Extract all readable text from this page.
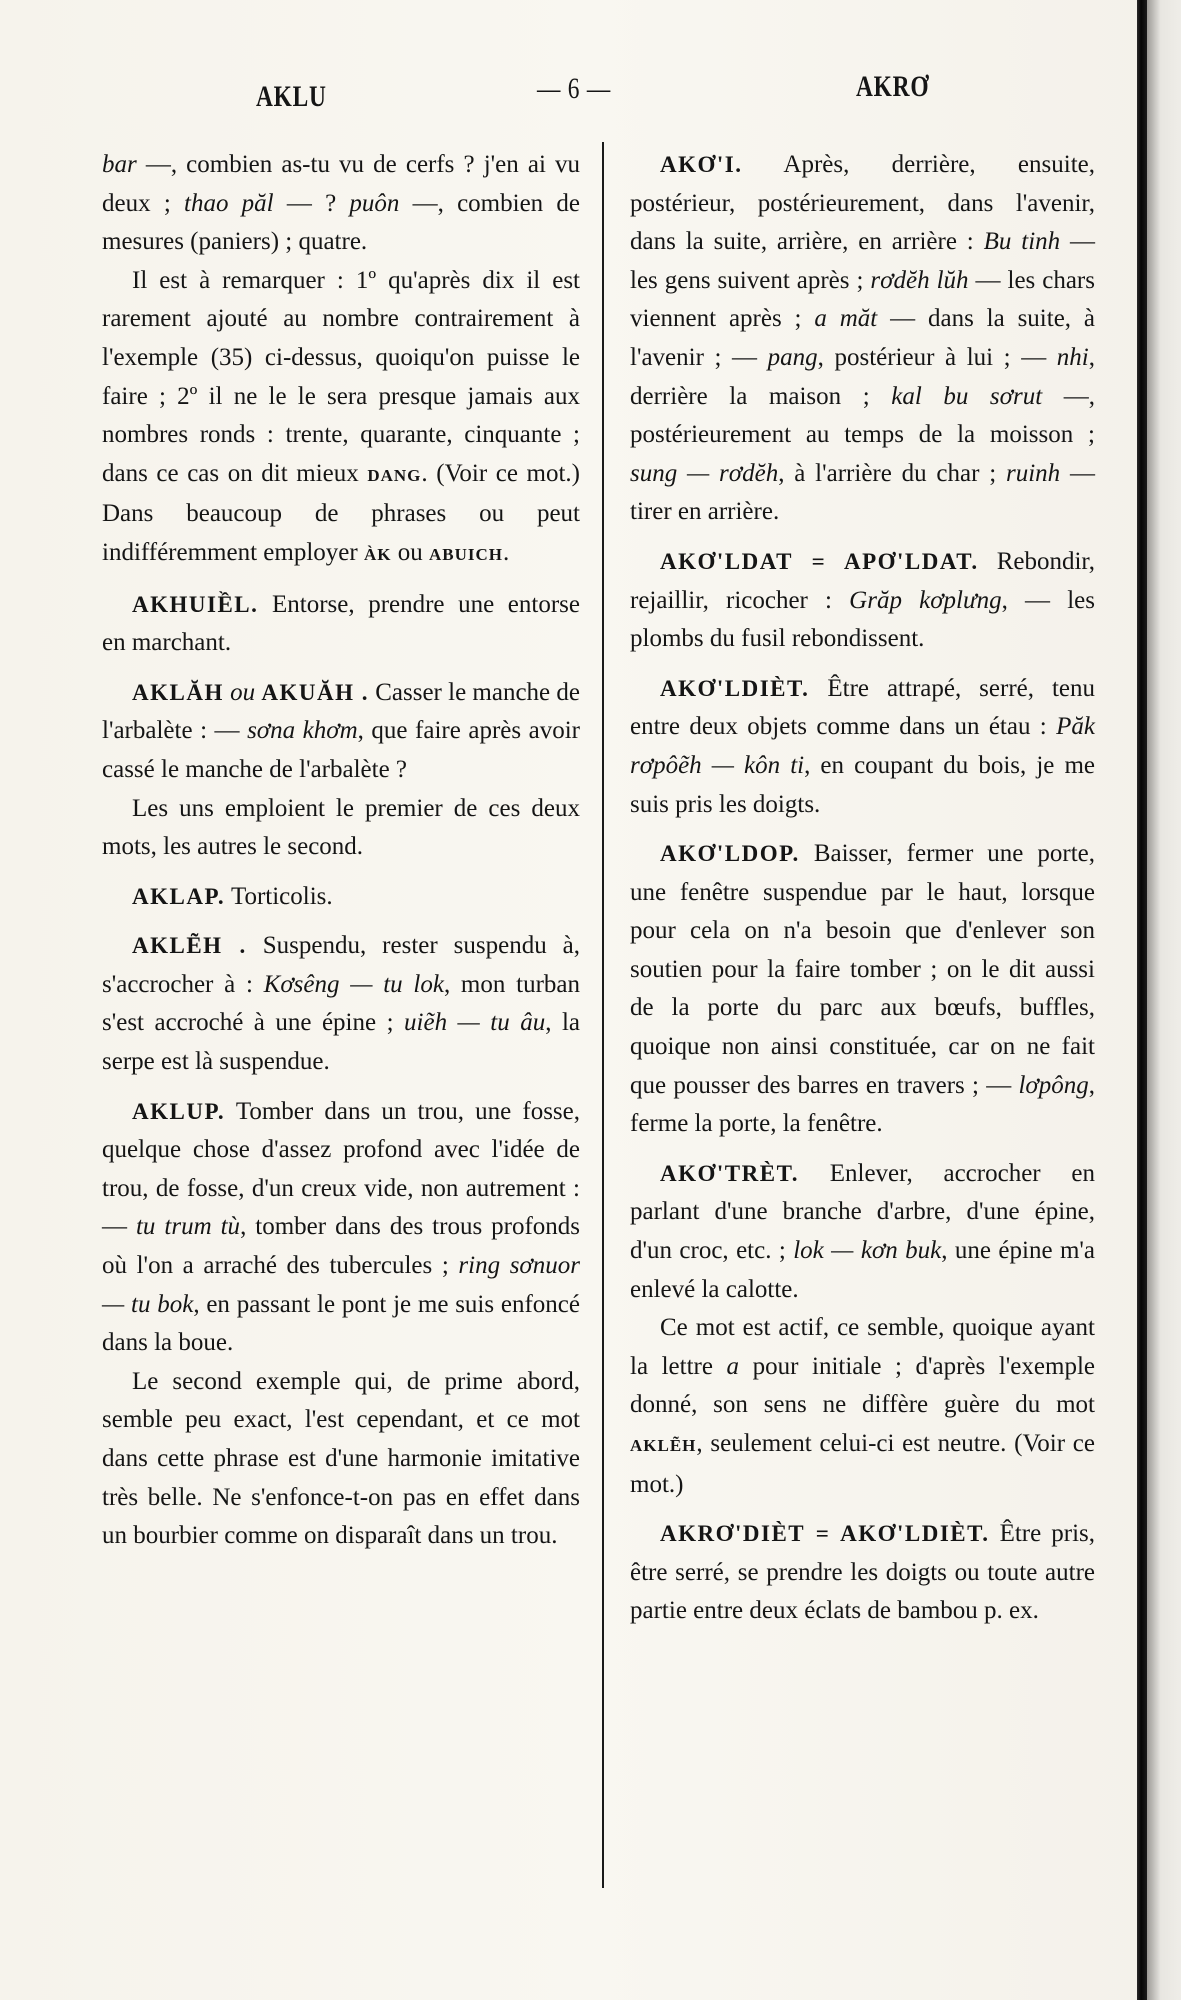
AKLU	— 6 —	AKRƠ

bar —, combien as-tu vu de cerfs ? j'en ai vu deux ; thao păl — ? puôn —, combien de mesures (paniers) ; quatre.

Il est à remarquer : 1º qu'après dix il est rarement ajouté au nombre contrairement à l'exemple (35) ci-dessus, quoiqu'on puisse le faire ; 2º il ne le le sera presque jamais aux nombres ronds : trente, quarante, cinquante ; dans ce cas on dit mieux DANG. (Voir ce mot.) Dans beaucoup de phrases ou peut indifféremment employer ÀK ou ABUICH.

AKHUIỀL. Entorse, prendre une entorse en marchant.

AKLĂH ou AKUĂH . Casser le manche de l'arbalète : — sơna khơm, que faire après avoir cassé le manche de l'arbalète ?

Les uns emploient le premier de ces deux mots, les autres le second.

AKLAP. Torticolis.

AKLẼH . Suspendu, rester suspendu à, s'accrocher à : Kơsêng — tu lok, mon turban s'est accroché à une épine ; uiẽh — tu âu, la serpe est là suspendue.

AKLUP. Tomber dans un trou, une fosse, quelque chose d'assez profond avec l'idée de trou, de fosse, d'un creux vide, non autrement : — tu trum tù, tomber dans des trous profonds où l'on a arraché des tubercules ; ring sơnuor — tu bok, en passant le pont je me suis enfoncé dans la boue.

Le second exemple qui, de prime abord, semble peu exact, l'est cependant, et ce mot dans cette phrase est d'une harmonie imitative très belle. Ne s'enfonce-t-on pas en effet dans un bourbier comme on disparaît dans un trou.

AKƠ'I. Après, derrière, ensuite, postérieur, postérieurement, dans l'avenir, dans la suite, arrière, en arrière : Bu tinh — les gens suivent après ; rơdĕh lŭh — les chars viennent après ; a măt — dans la suite, à l'avenir ; — pang, postérieur à lui ; — nhi, derrière la maison ; kal bu sơrut —, postérieurement au temps de la moisson ; sung — rơdĕh, à l'arrière du char ; ruinh — tirer en arrière.

AKƠ'LDAT = APƠ'LDAT. Rebondir, rejaillir, ricocher : Grăp kơplưng, — les plombs du fusil rebondissent.

AKƠ'LDIÈT. Être attrapé, serré, tenu entre deux objets comme dans un étau : Păk rơpôẽh — kôn ti, en coupant du bois, je me suis pris les doigts.

AKƠ'LDOP. Baisser, fermer une porte, une fenêtre suspendue par le haut, lorsque pour cela on n'a besoin que d'enlever son soutien pour la faire tomber ; on le dit aussi de la porte du parc aux bœufs, buffles, quoique non ainsi constituée, car on ne fait que pousser des barres en travers ; — lơpông, ferme la porte, la fenêtre.

AKƠ'TRÈT. Enlever, accrocher en parlant d'une branche d'arbre, d'une épine, d'un croc, etc. ; lok — kơn buk, une épine m'a enlevé la calotte.

Ce mot est actif, ce semble, quoique ayant la lettre a pour initiale ; d'après l'exemple donné, son sens ne diffère guère du mot AKLẼH, seulement celui-ci est neutre. (Voir ce mot.)

AKRƠ'DIÈT = AKƠ'LDIÈT. Être pris, être serré, se prendre les doigts ou toute autre partie entre deux éclats de bambou p. ex.
